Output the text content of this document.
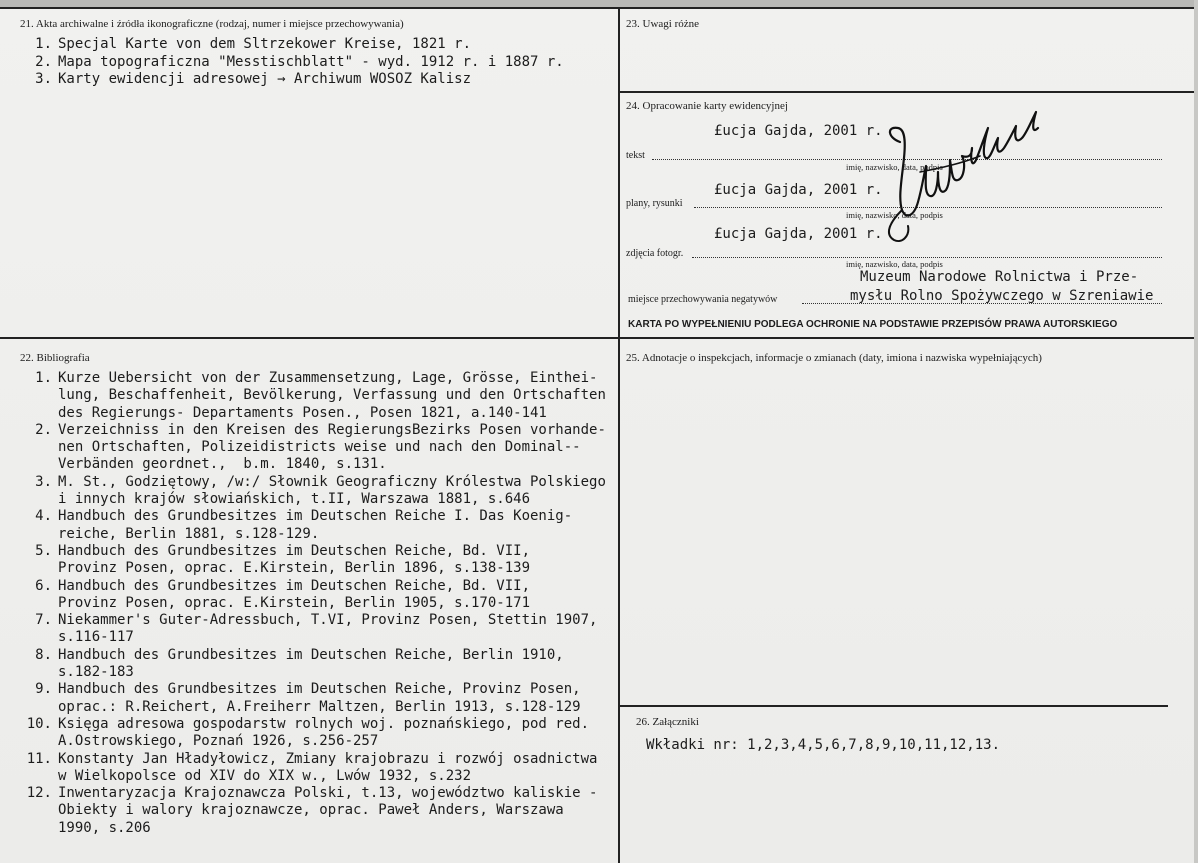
21. Akta archiwalne i źródła ikonograficzne (rodzaj, numer i miejsce przechowywania)
1. Specjal Karte von dem Sltrzekower Kreise, 1821 r.
2. Mapa topograficzna "Messtischblatt" - wyd. 1912 r. i 1887 r.
3. Karty ewidencji adresowej → Archiwum WOSOZ Kalisz
23. Uwagi różne
24. Opracowanie karty ewidencyjnej
£ucja Gajda, 2001 r.
tekst
imię, nazwisko, data, podpis
£ucja Gajda, 2001 r.
plany, rysunki
imię, nazwisko, data, podpis
£ucja Gajda, 2001 r.
zdjęcia fotogr.
imię, nazwisko, data, podpis
Muzeum Narodowe Rolnictwa i Prze-
mysłu Rolno Spożywczego w Szreniawie
miejsce przechowywania negatywów
KARTA PO WYPEŁNIENIU PODLEGA OCHRONIE NA PODSTAWIE PRZEPISÓW PRAWA AUTORSKIEGO
22. Bibliografia
1. Kurze Uebersicht von der Zusammensetzung, Lage, Grösse, Einthei-
lung, Beschaffenheit, Bevölkerung, Verfassung und den Ortschaften
des Regierungs- Departaments Posen., Posen 1821, a.140-141
2. Verzeichniss in den Kreisen des RegierungsBezirks Posen vorhande-
nen Ortschaften, Polizeidistricts weise und nach den Dominal--
Verbänden geordnet.,  b.m. 1840, s.131.
3. M. St., Godziętowy, /w:/ Słownik Geograficzny Królestwa Polskiego
i innych krajów słowiańskich, t.II, Warszawa 1881, s.646
4. Handbuch des Grundbesitzes im Deutschen Reiche I. Das Koenig-
reiche, Berlin 1881, s.128-129.
5. Handbuch des Grundbesitzes im Deutschen Reiche, Bd. VII,
Provinz Posen, oprac. E.Kirstein, Berlin 1896, s.138-139
6. Handbuch des Grundbesitzes im Deutschen Reiche, Bd. VII,
Provinz Posen, oprac. E.Kirstein, Berlin 1905, s.170-171
7. Niekammer's Guter-Adressbuch, T.VI, Provinz Posen, Stettin 1907,
s.116-117
8. Handbuch des Grundbesitzes im Deutschen Reiche, Berlin 1910,
s.182-183
9. Handbuch des Grundbesitzes im Deutschen Reiche, Provinz Posen,
oprac.: R.Reichert, A.Freiherr Maltzen, Berlin 1913, s.128-129
10. Księga adresowa gospodarstw rolnych woj. poznańskiego, pod red.
A.Ostrowskiego, Poznań 1926, s.256-257
11. Konstanty Jan Hładyłowicz, Zmiany krajobrazu i rozwój osadnictwa
w Wielkopolsce od XIV do XIX w., Lwów 1932, s.232
12. Inwentaryzacja Krajoznawcza Polski, t.13, województwo kaliskie -
Obiekty i walory krajoznawcze, oprac. Paweł Anders, Warszawa
1990, s.206
25. Adnotacje o inspekcjach, informacje o zmianach (daty, imiona i nazwiska wypełniających)
26. Załączniki
Wkładki nr: 1,2,3,4,5,6,7,8,9,10,11,12,13.
